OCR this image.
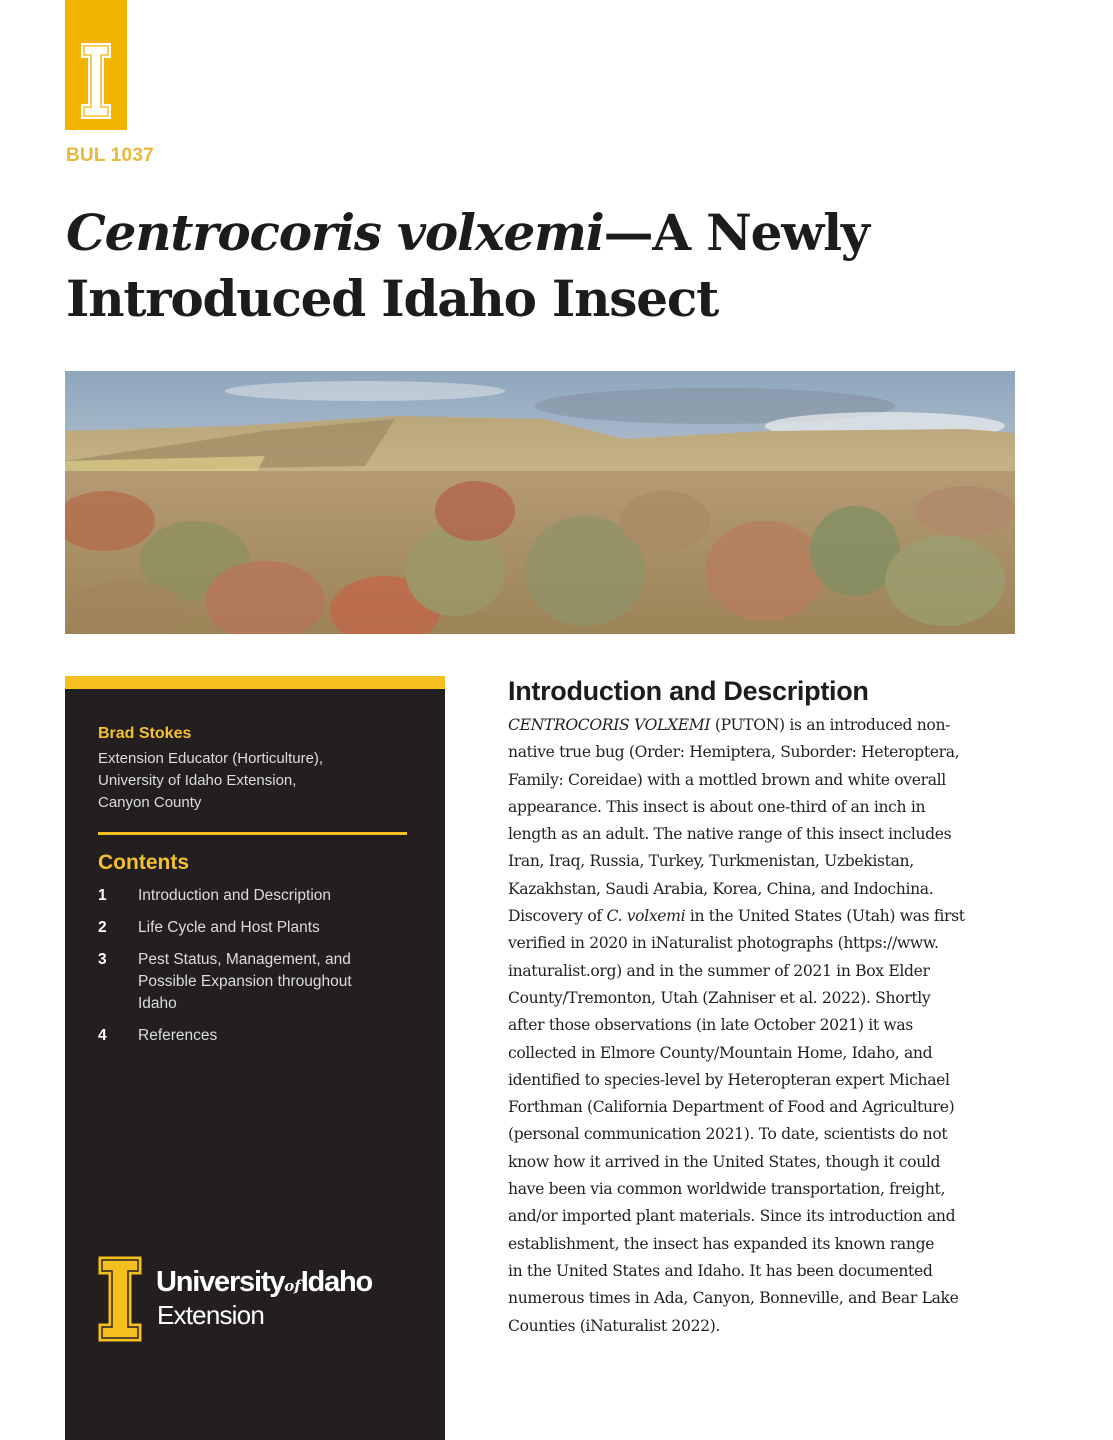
BUL 1037
Centrocoris volxemi—A Newly
Introduced Idaho Insect
Brad Stokes
Extension Educator (Horticulture),
University of Idaho Extension,
Canyon County
Contents
1	Introduction and Description
2	Life Cycle and Host Plants
3	Pest Status, Management, and Possible Expansion throughout Idaho
4	References
UniversityofIdaho
Extension
Introduction and Description
CENTROCORIS VOLXEMI (PUTON) is an introduced non-
native true bug (Order: Hemiptera, Suborder: Heteroptera,
Family: Coreidae) with a mottled brown and white overall
appearance. This insect is about one-third of an inch in
length as an adult. The native range of this insect includes
Iran, Iraq, Russia, Turkey, Turkmenistan, Uzbekistan,
Kazakhstan, Saudi Arabia, Korea, China, and Indochina.
Discovery of C. volxemi in the United States (Utah) was first
verified in 2020 in iNaturalist photographs (https://www.
inaturalist.org) and in the summer of 2021 in Box Elder
County/Tremonton, Utah (Zahniser et al. 2022). Shortly
after those observations (in late October 2021) it was
collected in Elmore County/Mountain Home, Idaho, and
identified to species-level by Heteropteran expert Michael
Forthman (California Department of Food and Agriculture)
(personal communication 2021). To date, scientists do not
know how it arrived in the United States, though it could
have been via common worldwide transportation, freight,
and/or imported plant materials. Since its introduction and
establishment, the insect has expanded its known range
in the United States and Idaho. It has been documented
numerous times in Ada, Canyon, Bonneville, and Bear Lake
Counties (iNaturalist 2022).
